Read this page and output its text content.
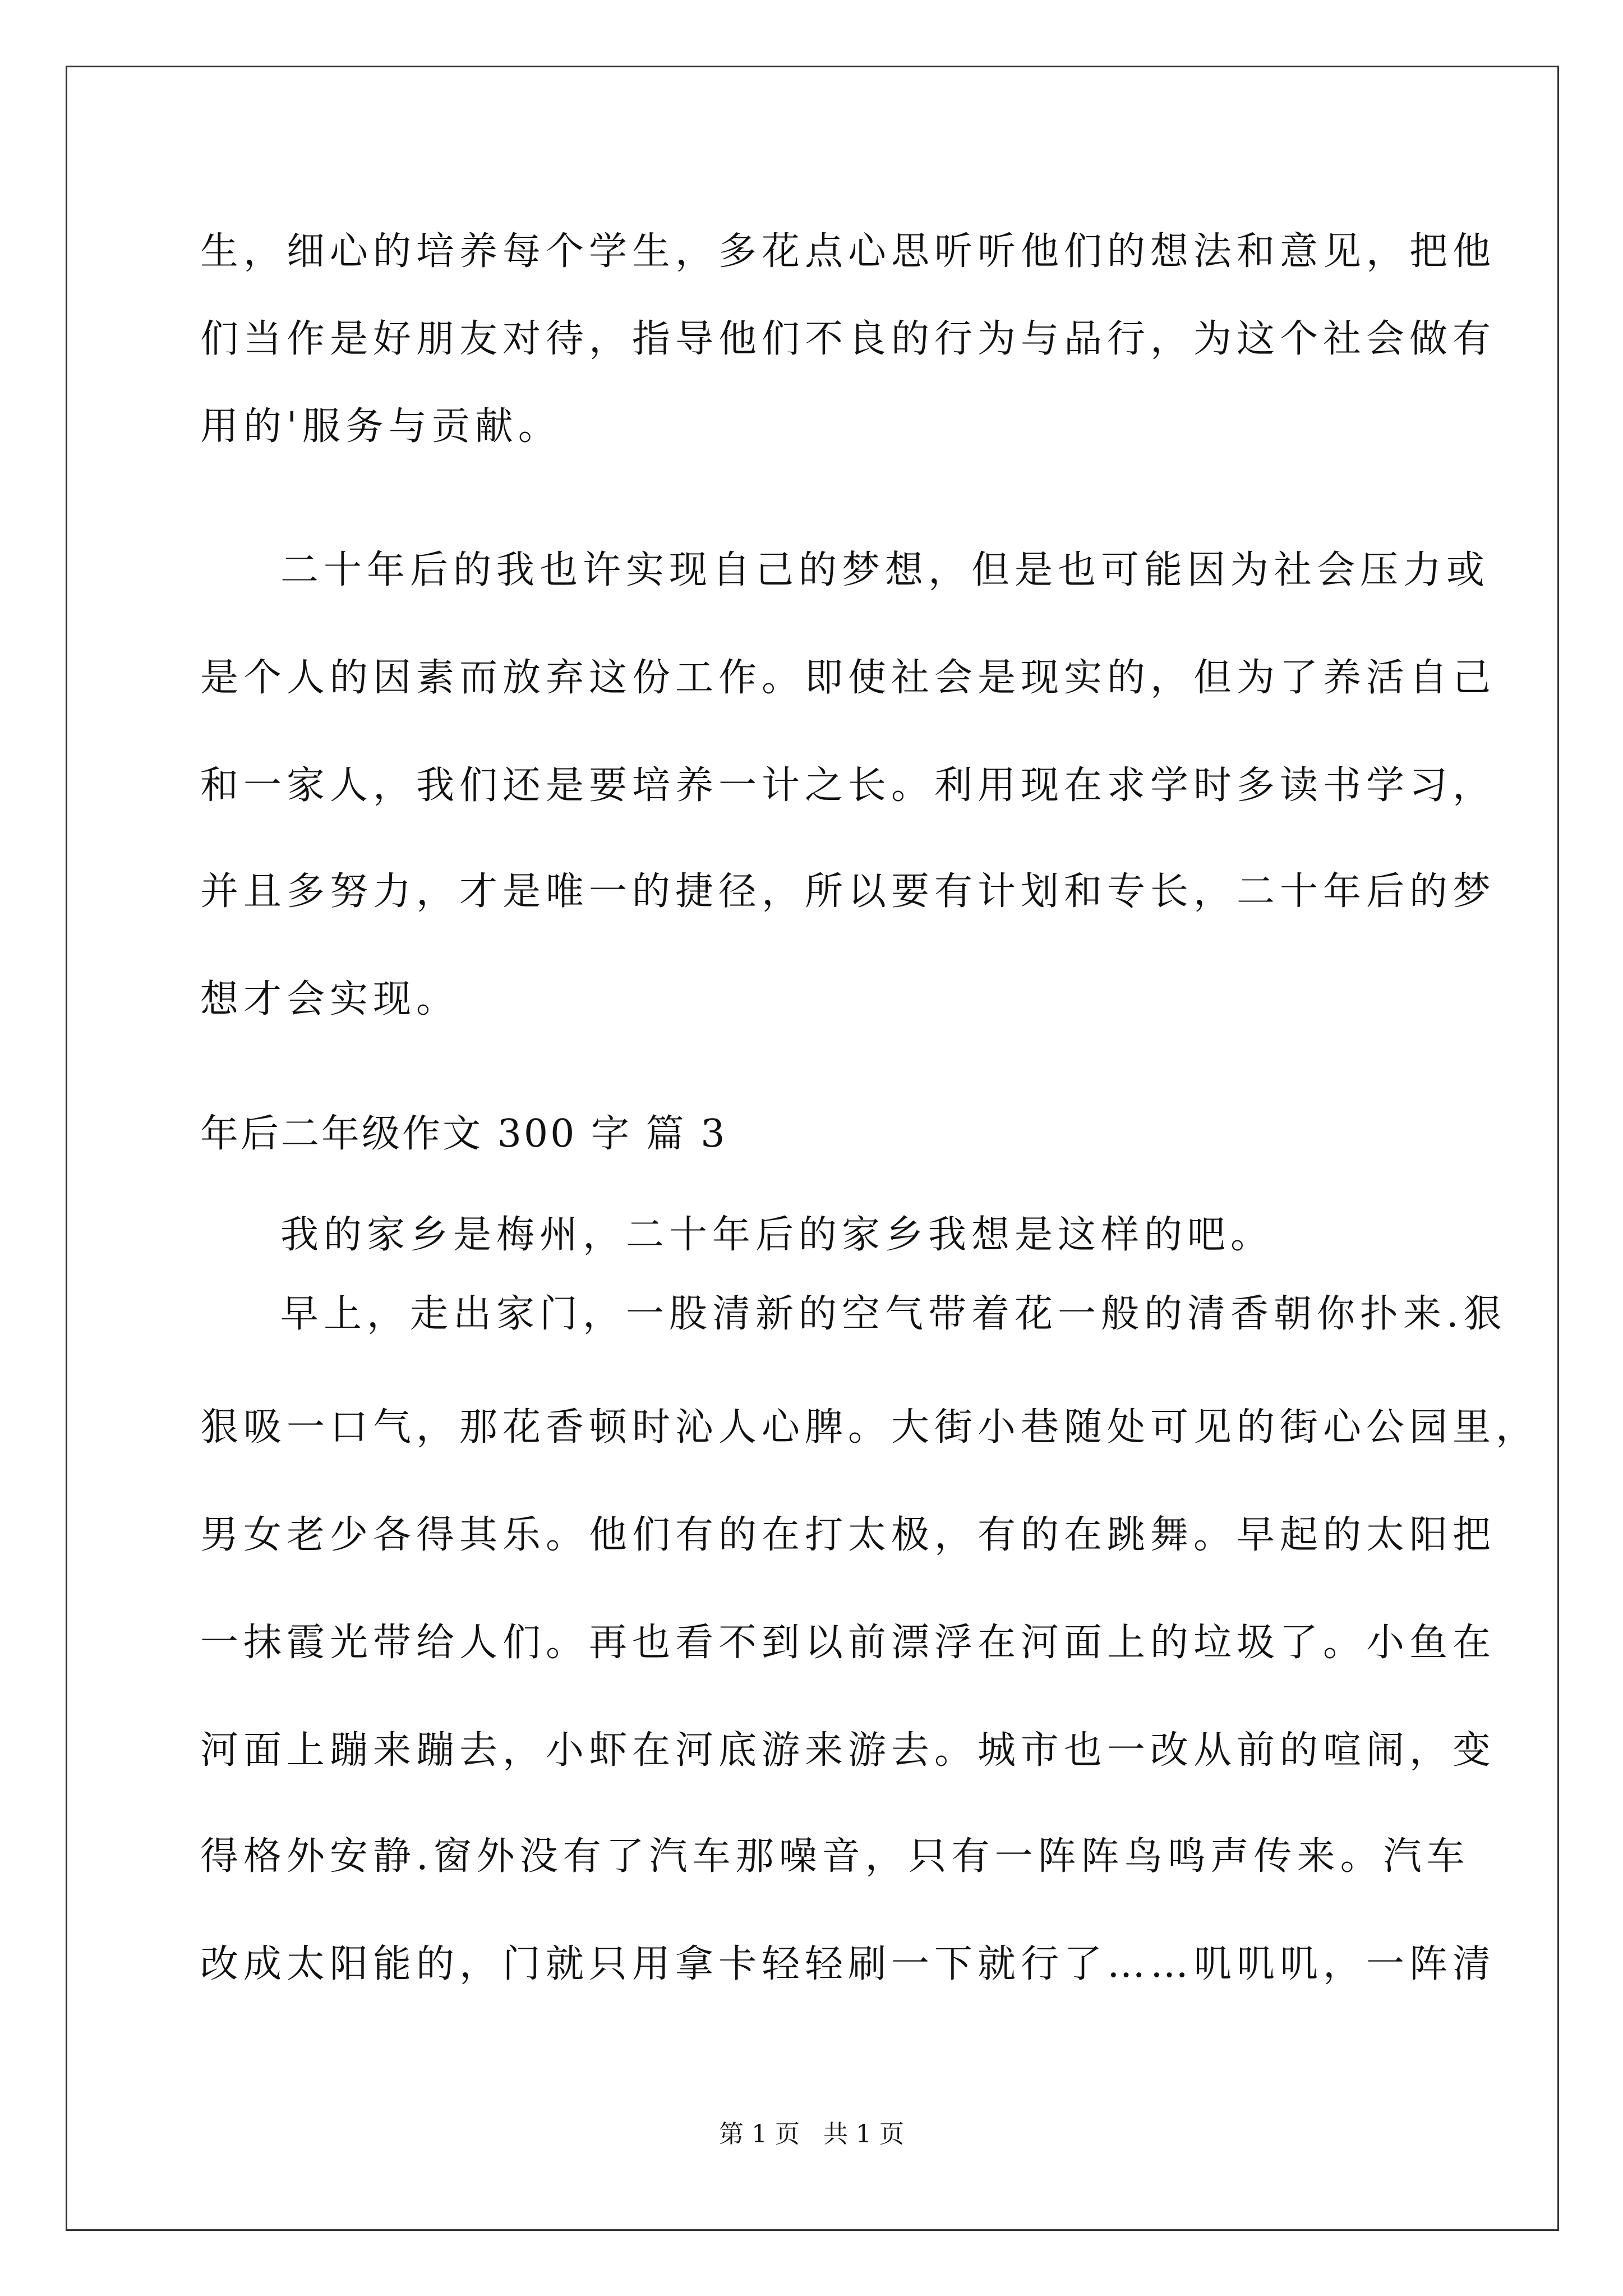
生，细心的培养每个学生，多花点心思听听他们的想法和意见，把他
们当作是好朋友对待，指导他们不良的行为与品行，为这个社会做有
用的'服务与贡献。
二十年后的我也许实现自己的梦想，但是也可能因为社会压力或
是个人的因素而放弃这份工作。即使社会是现实的，但为了养活自己
和一家人，我们还是要培养一计之长。利用现在求学时多读书学习，
并且多努力，才是唯一的捷径，所以要有计划和专长，二十年后的梦
想才会实现。
年后二年级作文 300 字 篇 3
我的家乡是梅州，二十年后的家乡我想是这样的吧。
早上，走出家门，一股清新的空气带着花一般的清香朝你扑来.狠
狠吸一口气，那花香顿时沁人心脾。大街小巷随处可见的街心公园里，
男女老少各得其乐。他们有的在打太极，有的在跳舞。早起的太阳把
一抹霞光带给人们。再也看不到以前漂浮在河面上的垃圾了。小鱼在
河面上蹦来蹦去，小虾在河底游来游去。城市也一改从前的喧闹，变
得格外安静.窗外没有了汽车那噪音，只有一阵阵鸟鸣声传来。汽车
改成太阳能的，门就只用拿卡轻轻刷一下就行了……叽叽叽，一阵清
第 1 页 共 1 页
